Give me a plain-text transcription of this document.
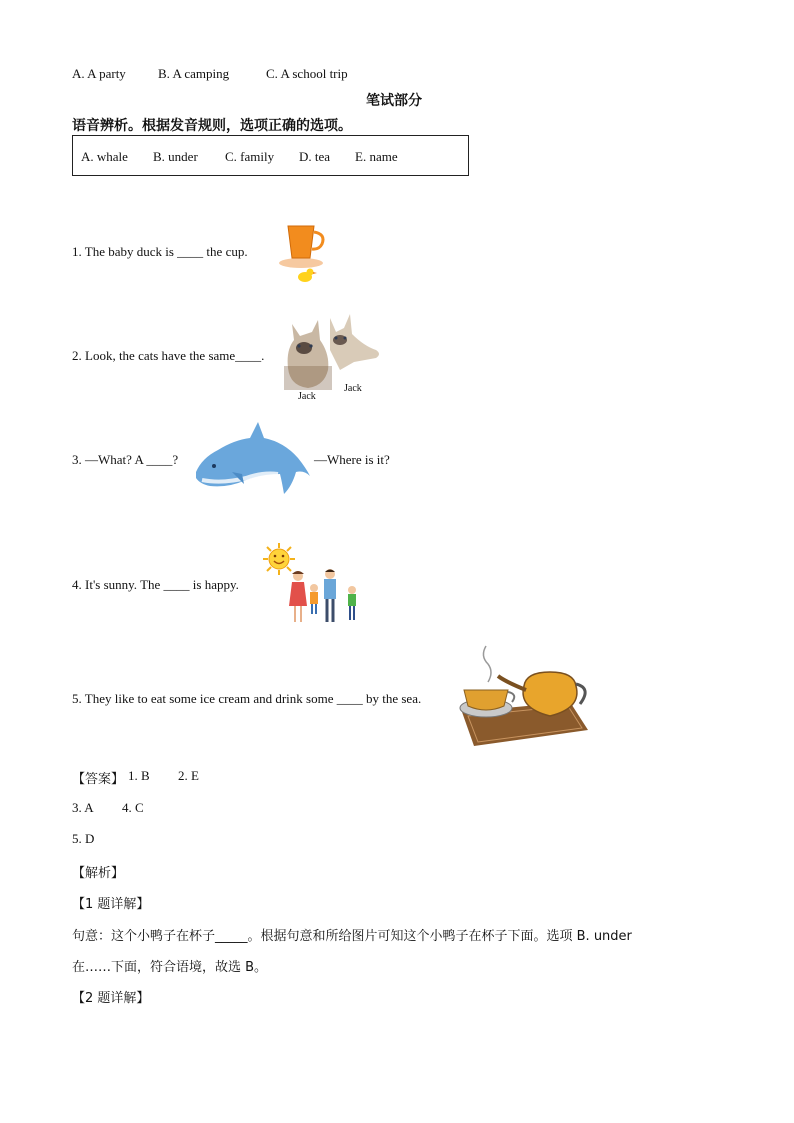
A. A party B. A camping	C. A school trip
笔试部分
语音辨析。根据发音规则，选项正确的选项。
A. whale B. under C. family D. tea E. name
1. The baby duck is ____ the cup.
2. Look, the cats have the same____.
Jack
Jack
3. —What? A ____?	—Where is it?
4. It's sunny. The ____ is happy.
5. They like to eat some ice cream and drink some ____ by the sea.
【答案】 1. B 2. E
3. A 4. C
5. D
【解析】
【1 题详解】
句意：这个小鸭子在杯子_____。根据句意和所给图片可知这个小鸭子在杯子下面。选项 B. under
在……下面，符合语境，故选 B。
【2 题详解】
